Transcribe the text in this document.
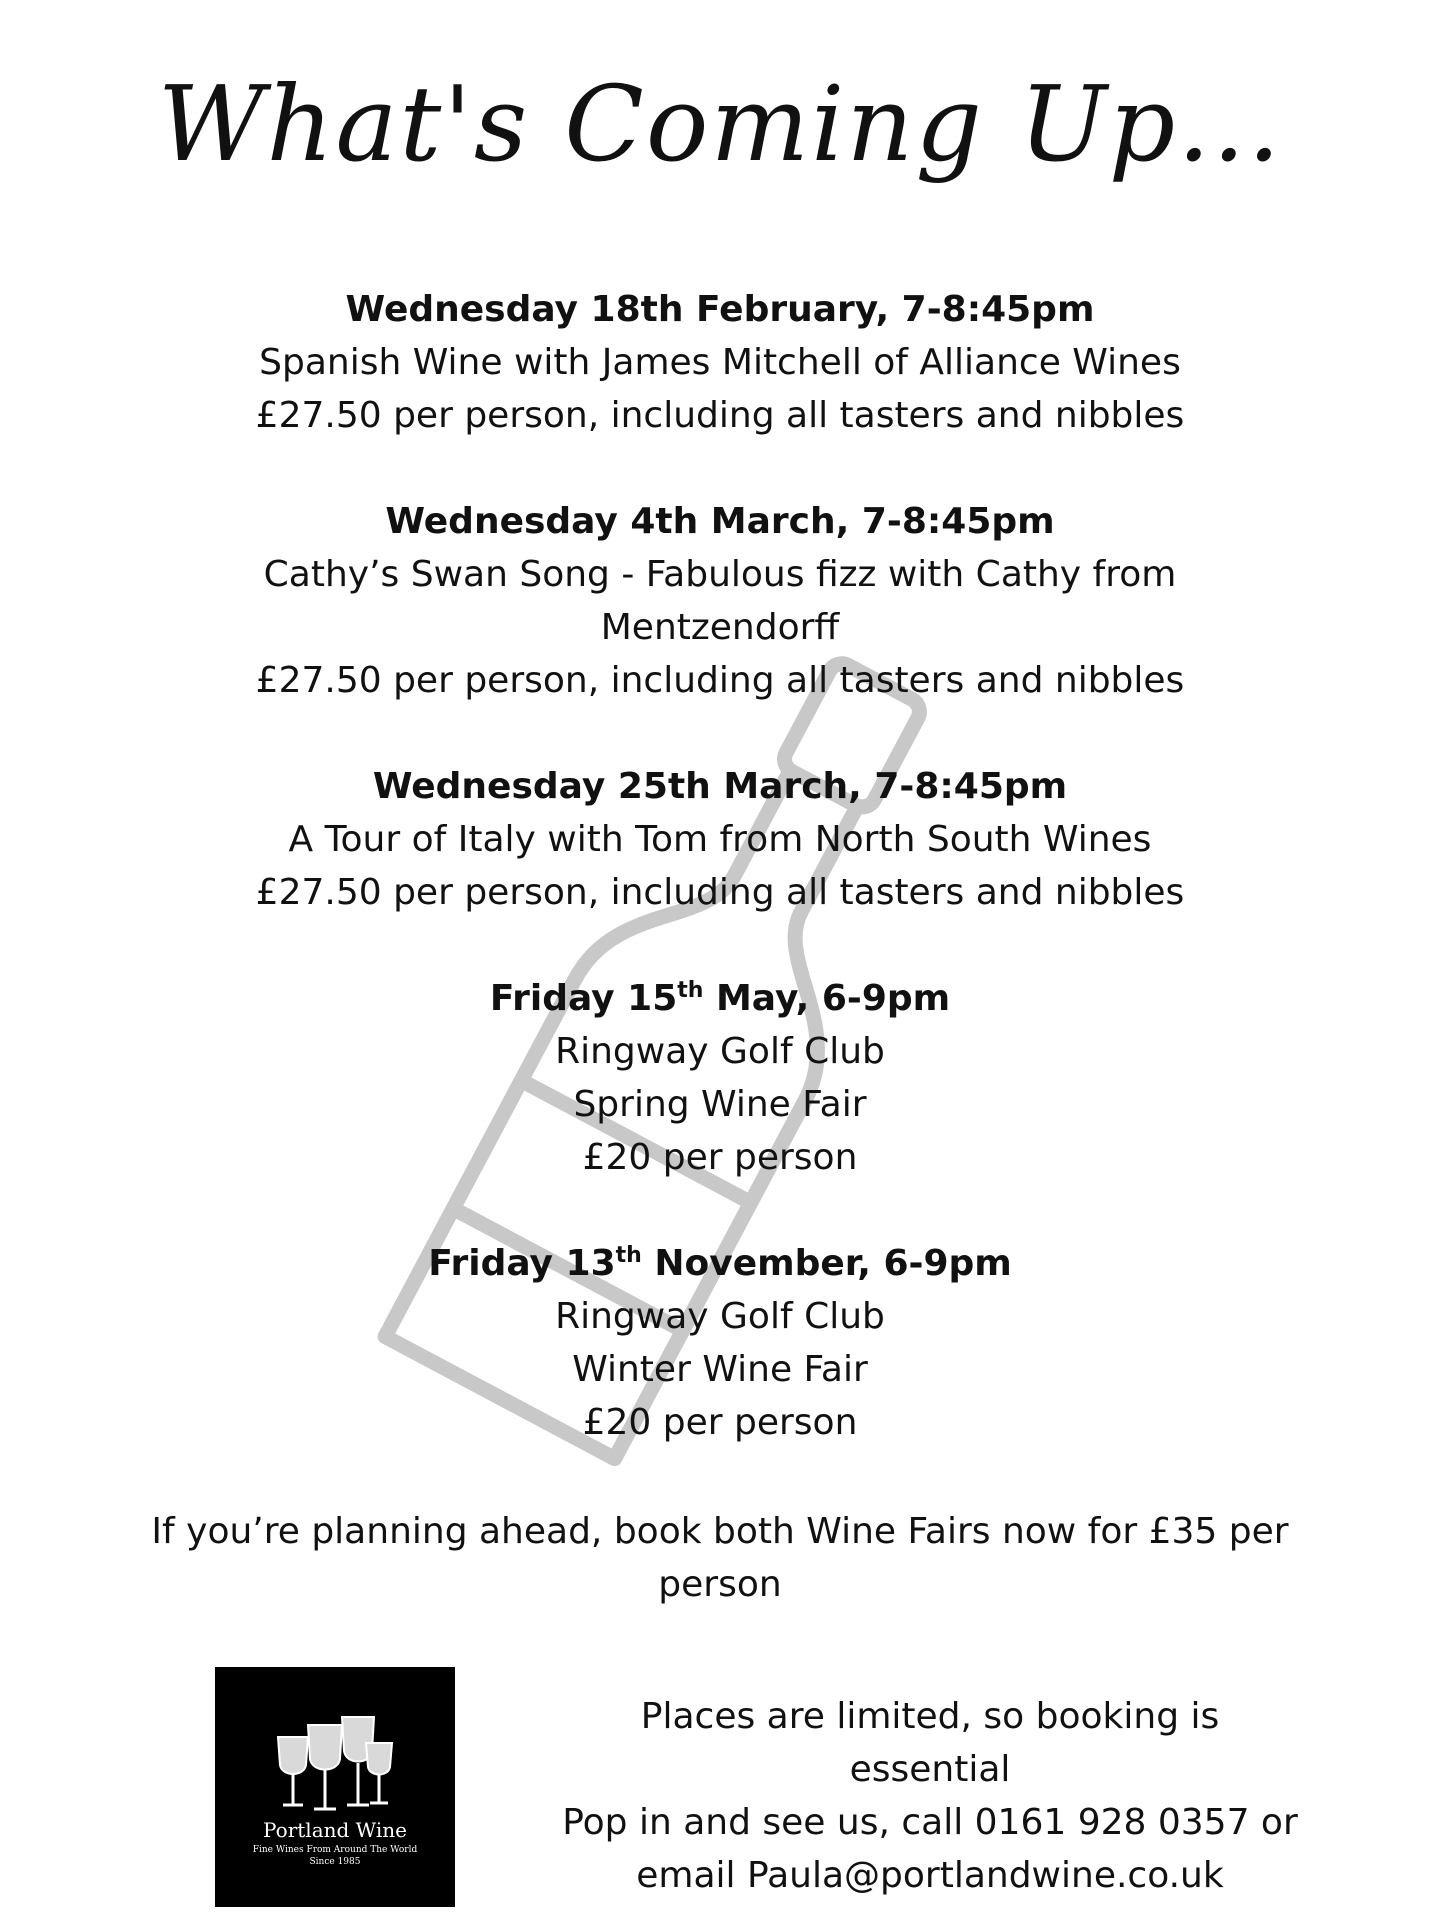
What's Coming Up...
Wednesday 18th February, 7-8:45pm
Spanish Wine with James Mitchell of Alliance Wines
£27.50 per person, including all tasters and nibbles
Wednesday 4th March, 7-8:45pm
Cathy’s Swan Song - Fabulous fizz with Cathy from Mentzendorff
£27.50 per person, including all tasters and nibbles
Wednesday 25th March, 7-8:45pm
A Tour of Italy with Tom from North South Wines
£27.50 per person, including all tasters and nibbles
Friday 15th May, 6-9pm
Ringway Golf Club
Spring Wine Fair
£20 per person
Friday 13th November, 6-9pm
Ringway Golf Club
Winter Wine Fair
£20 per person
If you’re planning ahead, book both Wine Fairs now for £35 per person
Portland Wine
Fine Wines From Around The World
Since 1985
Places are limited, so booking is
essential
Pop in and see us, call 0161 928 0357 or
email Paula@portlandwine.co.uk
